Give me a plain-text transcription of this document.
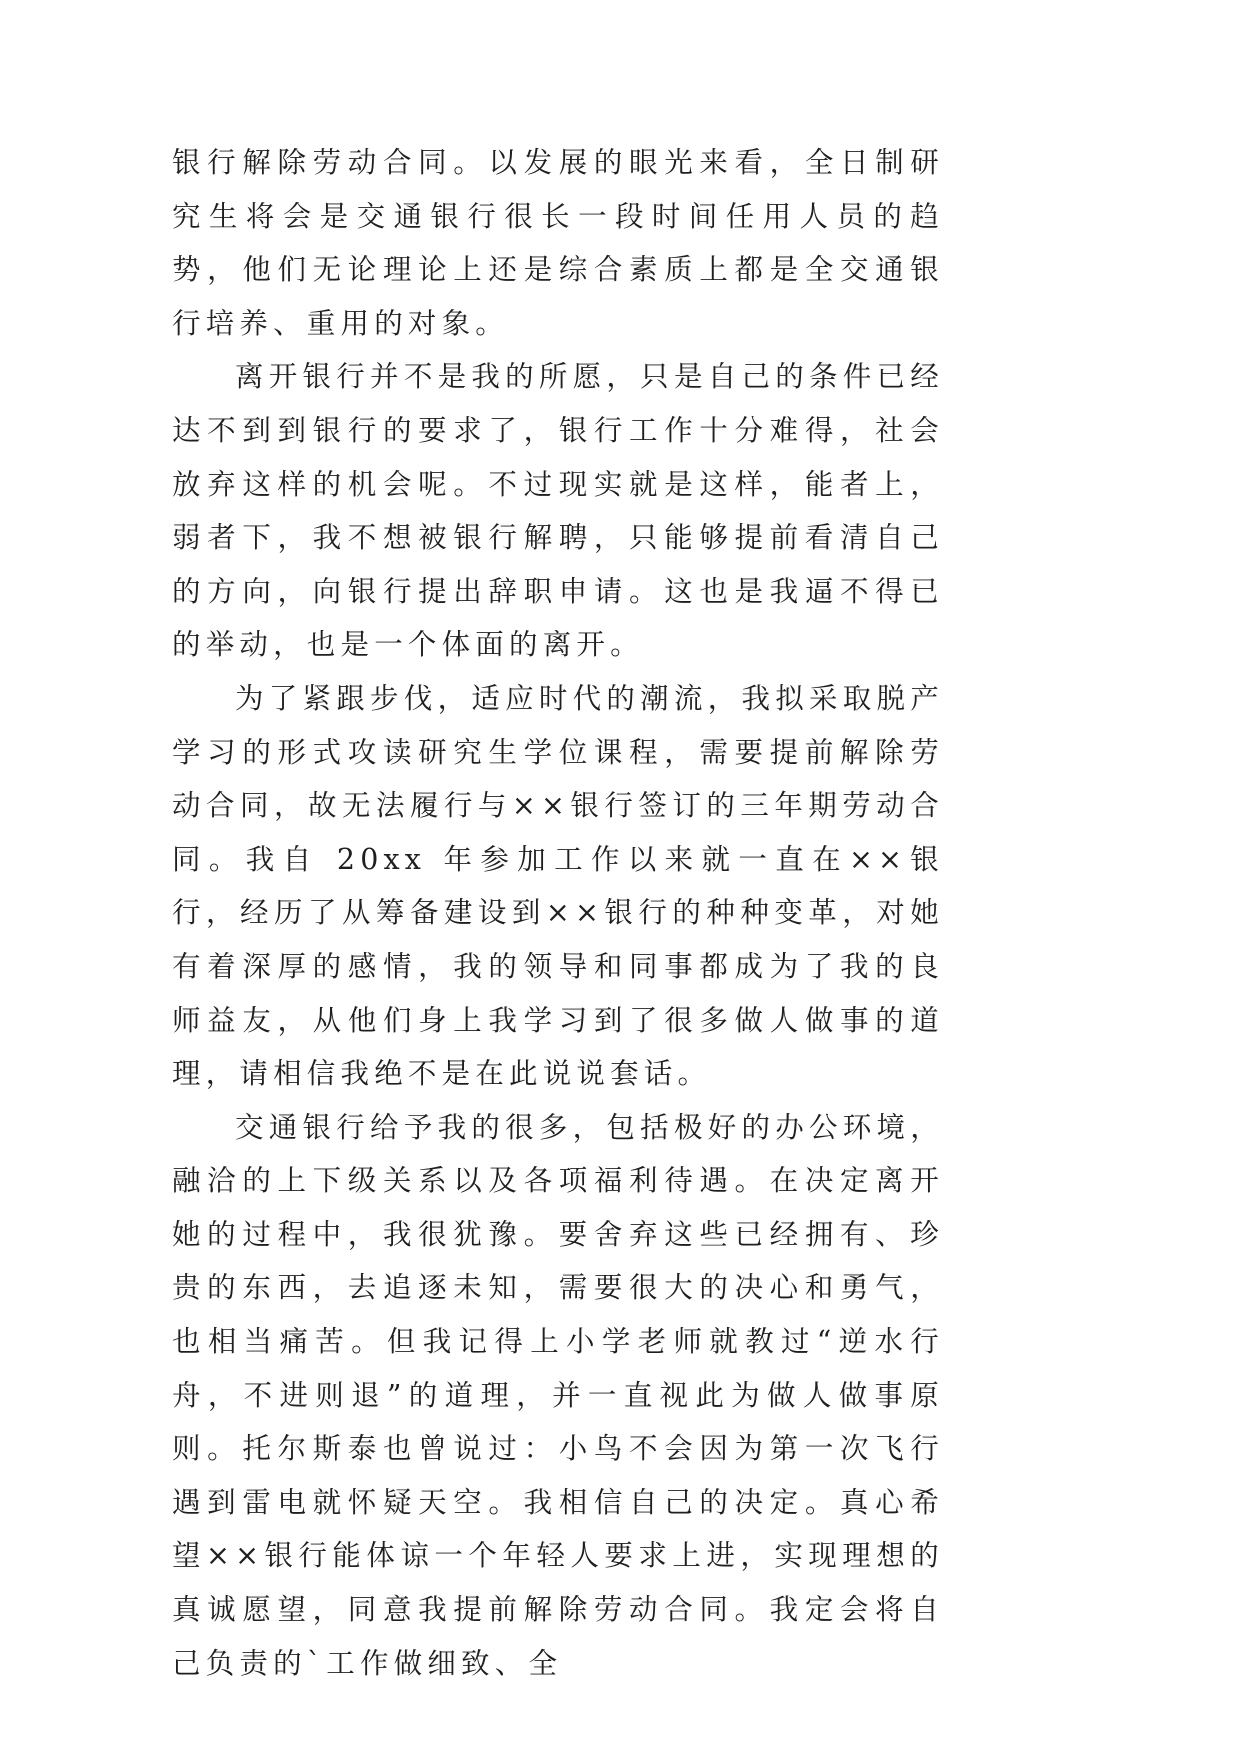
银行解除劳动合同。以发展的眼光来看，全日制研究生将会是交通银行很长一段时间任用人员的趋势，他们无论理论上还是综合素质上都是全交通银行培养、重用的对象。

离开银行并不是我的所愿，只是自己的条件已经达不到到银行的要求了，银行工作十分难得，社会放弃这样的机会呢。不过现实就是这样，能者上，弱者下，我不想被银行解聘，只能够提前看清自己的方向，向银行提出辞职申请。这也是我逼不得已的举动，也是一个体面的离开。

为了紧跟步伐，适应时代的潮流，我拟采取脱产学习的形式攻读研究生学位课程，需要提前解除劳动合同，故无法履行与××银行签订的三年期劳动合同。我自 20xx 年参加工作以来就一直在××银行，经历了从筹备建设到××银行的种种变革，对她有着深厚的感情，我的领导和同事都成为了我的良师益友，从他们身上我学习到了很多做人做事的道理，请相信我绝不是在此说说套话。

交通银行给予我的很多，包括极好的办公环境，融洽的上下级关系以及各项福利待遇。在决定离开她的过程中，我很犹豫。要舍弃这些已经拥有、珍贵的东西，去追逐未知，需要很大的决心和勇气，也相当痛苦。但我记得上小学老师就教过“逆水行舟，不进则退”的道理，并一直视此为做人做事原则。托尔斯泰也曾说过：小鸟不会因为第一次飞行遇到雷电就怀疑天空。我相信自己的决定。真心希望××银行能体谅一个年轻人要求上进，实现理想的真诚愿望，同意我提前解除劳动合同。我定会将自己负责的`工作做细致、全
